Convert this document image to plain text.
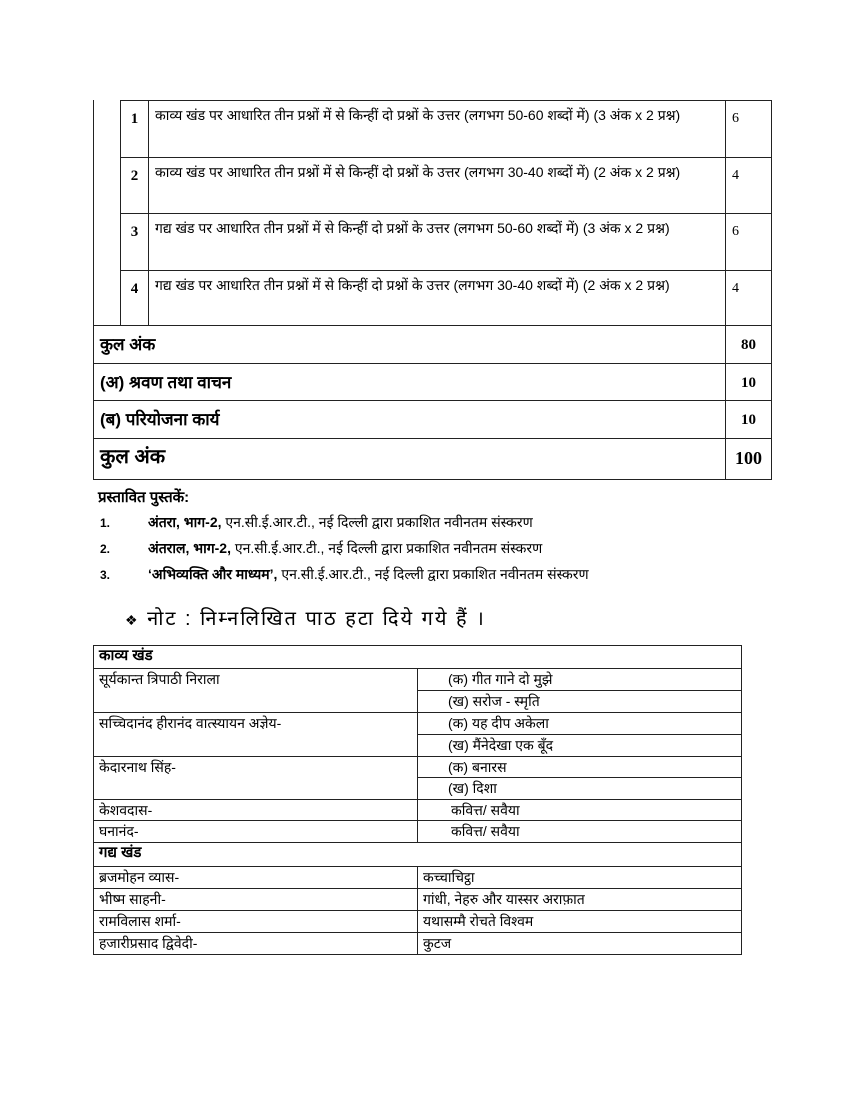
1	काव्य खंड पर आधारित तीन प्रश्नों में से किन्हीं दो प्रश्नों के उत्तर (लगभग 50-60 शब्दों में) (3 अंक x 2 प्रश्न)	6
2	काव्य खंड पर आधारित तीन प्रश्नों में से किन्हीं दो प्रश्नों के उत्तर (लगभग 30-40 शब्दों में) (2 अंक x 2 प्रश्न)	4
3	गद्य खंड पर आधारित तीन प्रश्नों में से किन्हीं दो प्रश्नों के उत्तर (लगभग 50-60 शब्दों में) (3 अंक x 2 प्रश्न)	6
4	गद्य खंड पर आधारित तीन प्रश्नों में से किन्हीं दो प्रश्नों के उत्तर (लगभग 30-40 शब्दों में) (2 अंक x 2 प्रश्न)	4
कुल अंक	80
(अ) श्रवण तथा वाचन	10
(ब) परियोजना कार्य	10
कुल अंक	100
प्रस्तावित पुस्तकें:
1.	अंतरा, भाग-2, एन.सी.ई.आर.टी., नई दिल्ली द्वारा प्रकाशित नवीनतम संस्करण
2.	अंतराल, भाग-2, एन.सी.ई.आर.टी., नई दिल्ली द्वारा प्रकाशित नवीनतम संस्करण
3.	‘अभिव्यक्ति और माध्यम’, एन.सी.ई.आर.टी., नई दिल्ली द्वारा प्रकाशित नवीनतम संस्करण
❖ नोट : निम्नलिखित पाठ हटा दिये गये हैं ।
काव्य खंड
सूर्यकान्त त्रिपाठी निराला	(क) गीत गाने दो मुझे
(ख) सरोज - स्मृति
सच्चिदानंद हीरानंद वात्स्यायन अज्ञेय-	(क) यह दीप अकेला
(ख) मैंनेदेखा एक बूँद
केदारनाथ सिंह-	(क) बनारस
(ख) दिशा
केशवदास-	कवित्त/ सवैया
घनानंद-	कवित्त/ सवैया
गद्य खंड
ब्रजमोहन व्यास-	कच्चाचिट्ठा
भीष्म साहनी-	गांधी, नेहरु और यास्सर अराफ़ात
रामविलास शर्मा-	यथासम्मै रोचते विश्वम
हजारीप्रसाद द्विवेदी-	कुटज
